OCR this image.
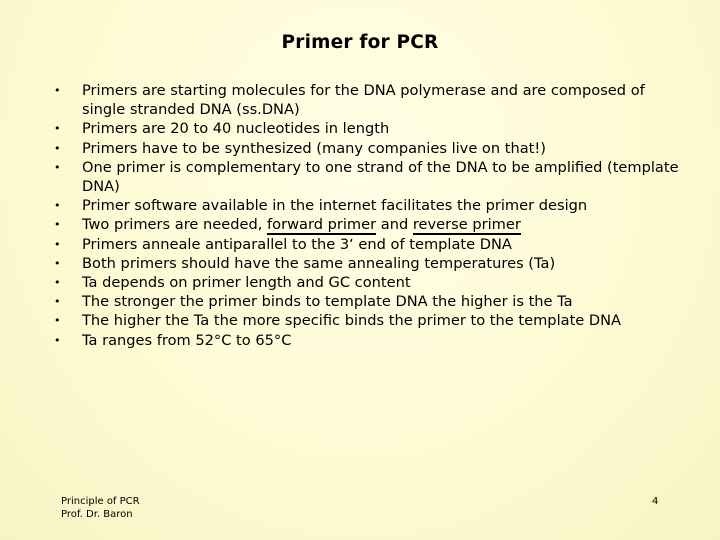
Primer for PCR
• Primers are starting molecules for the DNA polymerase and are composed of single stranded DNA (ss.DNA)
• Primers are 20 to 40 nucleotides in length
• Primers have to be synthesized (many companies live on that!)
• One primer is complementary to one strand of the DNA to be amplified (template DNA)
• Primer software available in the internet facilitates the primer design
• Two primers are needed, forward primer and reverse primer
• Primers anneale antiparallel to the 3‘ end of template DNA
• Both primers should have the same annealing temperatures (Ta)
• Ta depends on primer length and GC content
• The stronger the primer binds to template DNA the higher is the Ta
• The higher the Ta the more specific binds the primer to the template DNA
• Ta ranges from 52°C to 65°C
Principle of PCR
Prof. Dr. Baron
4
